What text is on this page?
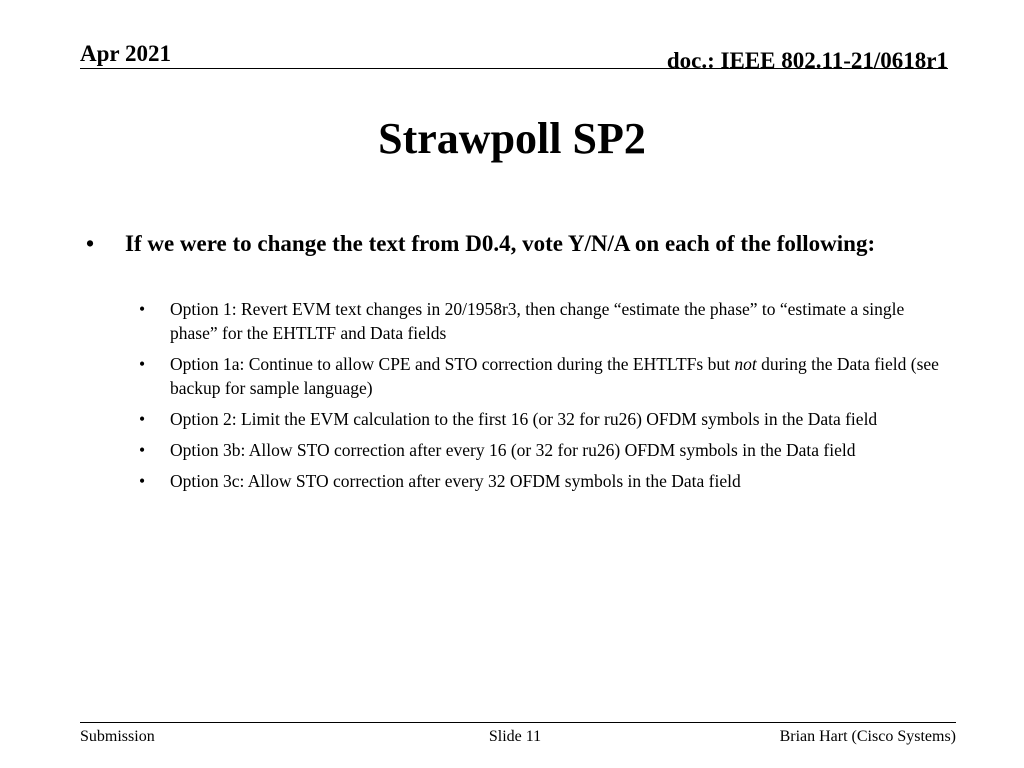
Apr 2021	doc.: IEEE 802.11-21/0618r1
Strawpoll SP2
• If we were to change the text from D0.4, vote Y/N/A on each of the following:
• Option 1: Revert EVM text changes in 20/1958r3, then change “estimate the phase” to “estimate a single phase” for the EHTLTF and Data fields
• Option 1a: Continue to allow CPE and STO correction during the EHTLTFs but not during the Data field (see backup for sample language)
• Option 2: Limit the EVM calculation to the first 16 (or 32 for ru26) OFDM symbols in the Data field
• Option 3b: Allow STO correction after every 16 (or 32 for ru26) OFDM symbols in the Data field
• Option 3c: Allow STO correction after every 32 OFDM symbols in the Data field
Submission	Slide 11	Brian Hart (Cisco Systems)
